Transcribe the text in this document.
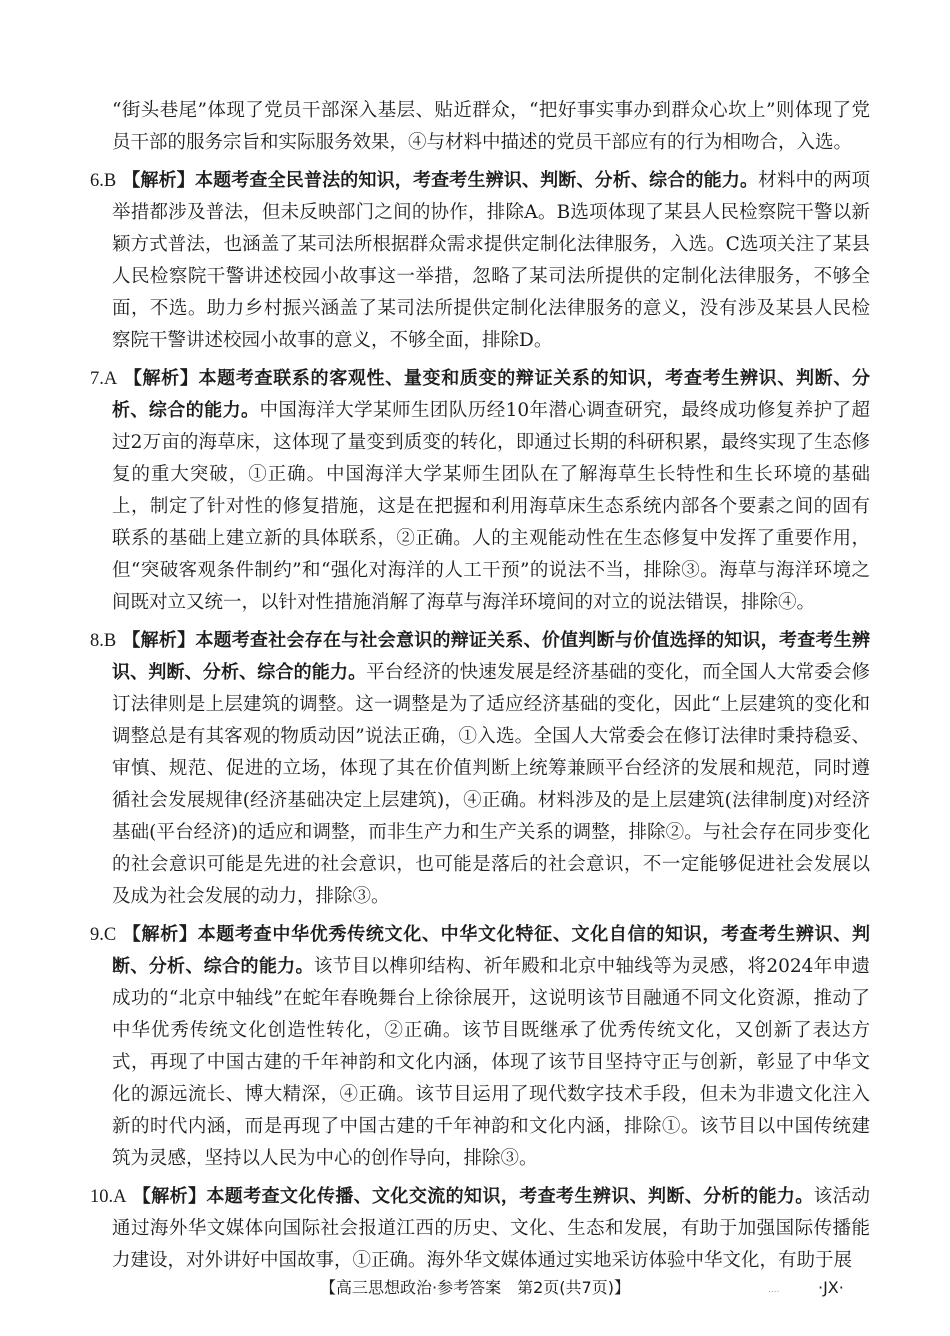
“街头巷尾”体现了党员干部深入基层、贴近群众，“把好事实事办到群众心坎上”则体现了党员干部的服务宗旨和实际服务效果，④与材料中描述的党员干部应有的行为相吻合，入选。

6.B 【解析】本题考查全民普法的知识，考查考生辨识、判断、分析、综合的能力。材料中的两项举措都涉及普法，但未反映部门之间的协作，排除A。B选项体现了某县人民检察院干警以新颖方式普法，也涵盖了某司法所根据群众需求提供定制化法律服务，入选。C选项关注了某县人民检察院干警讲述校园小故事这一举措，忽略了某司法所提供的定制化法律服务，不够全面，不选。助力乡村振兴涵盖了某司法所提供定制化法律服务的意义，没有涉及某县人民检察院干警讲述校园小故事的意义，不够全面，排除D。

7.A 【解析】本题考查联系的客观性、量变和质变的辩证关系的知识，考查考生辨识、判断、分析、综合的能力。中国海洋大学某师生团队历经10年潜心调查研究，最终成功修复养护了超过2万亩的海草床，这体现了量变到质变的转化，即通过长期的科研积累，最终实现了生态修复的重大突破，①正确。中国海洋大学某师生团队在了解海草生长特性和生长环境的基础上，制定了针对性的修复措施，这是在把握和利用海草床生态系统内部各个要素之间的固有联系的基础上建立新的具体联系，②正确。人的主观能动性在生态修复中发挥了重要作用，但“突破客观条件制约”和“强化对海洋的人工干预”的说法不当，排除③。海草与海洋环境之间既对立又统一，以针对性措施消解了海草与海洋环境间的对立的说法错误，排除④。

8.B 【解析】本题考查社会存在与社会意识的辩证关系、价值判断与价值选择的知识，考查考生辨识、判断、分析、综合的能力。平台经济的快速发展是经济基础的变化，而全国人大常委会修订法律则是上层建筑的调整。这一调整是为了适应经济基础的变化，因此“上层建筑的变化和调整总是有其客观的物质动因”说法正确，①入选。全国人大常委会在修订法律时秉持稳妥、审慎、规范、促进的立场，体现了其在价值判断上统筹兼顾平台经济的发展和规范，同时遵循社会发展规律(经济基础决定上层建筑)，④正确。材料涉及的是上层建筑(法律制度)对经济基础(平台经济)的适应和调整，而非生产力和生产关系的调整，排除②。与社会存在同步变化的社会意识可能是先进的社会意识，也可能是落后的社会意识，不一定能够促进社会发展以及成为社会发展的动力，排除③。

9.C 【解析】本题考查中华优秀传统文化、中华文化特征、文化自信的知识，考查考生辨识、判断、分析、综合的能力。该节目以榫卯结构、祈年殿和北京中轴线等为灵感，将2024年申遗成功的“北京中轴线”在蛇年春晚舞台上徐徐展开，这说明该节目融通不同文化资源，推动了中华优秀传统文化创造性转化，②正确。该节目既继承了优秀传统文化，又创新了表达方式，再现了中国古建的千年神韵和文化内涵，体现了该节目坚持守正与创新，彰显了中华文化的源远流长、博大精深，④正确。该节目运用了现代数字技术手段，但未为非遗文化注入新的时代内涵，而是再现了中国古建的千年神韵和文化内涵，排除①。该节目以中国传统建筑为灵感，坚持以人民为中心的创作导向，排除③。

10.A 【解析】本题考查文化传播、文化交流的知识，考查考生辨识、判断、分析的能力。该活动通过海外华文媒体向国际社会报道江西的历史、文化、生态和发展，有助于加强国际传播能力建设，对外讲好中国故事，①正确。海外华文媒体通过实地采访体验中华文化，有助于展

【高三思想政治·参考答案　第2页(共7页)】	.... ·JX·
